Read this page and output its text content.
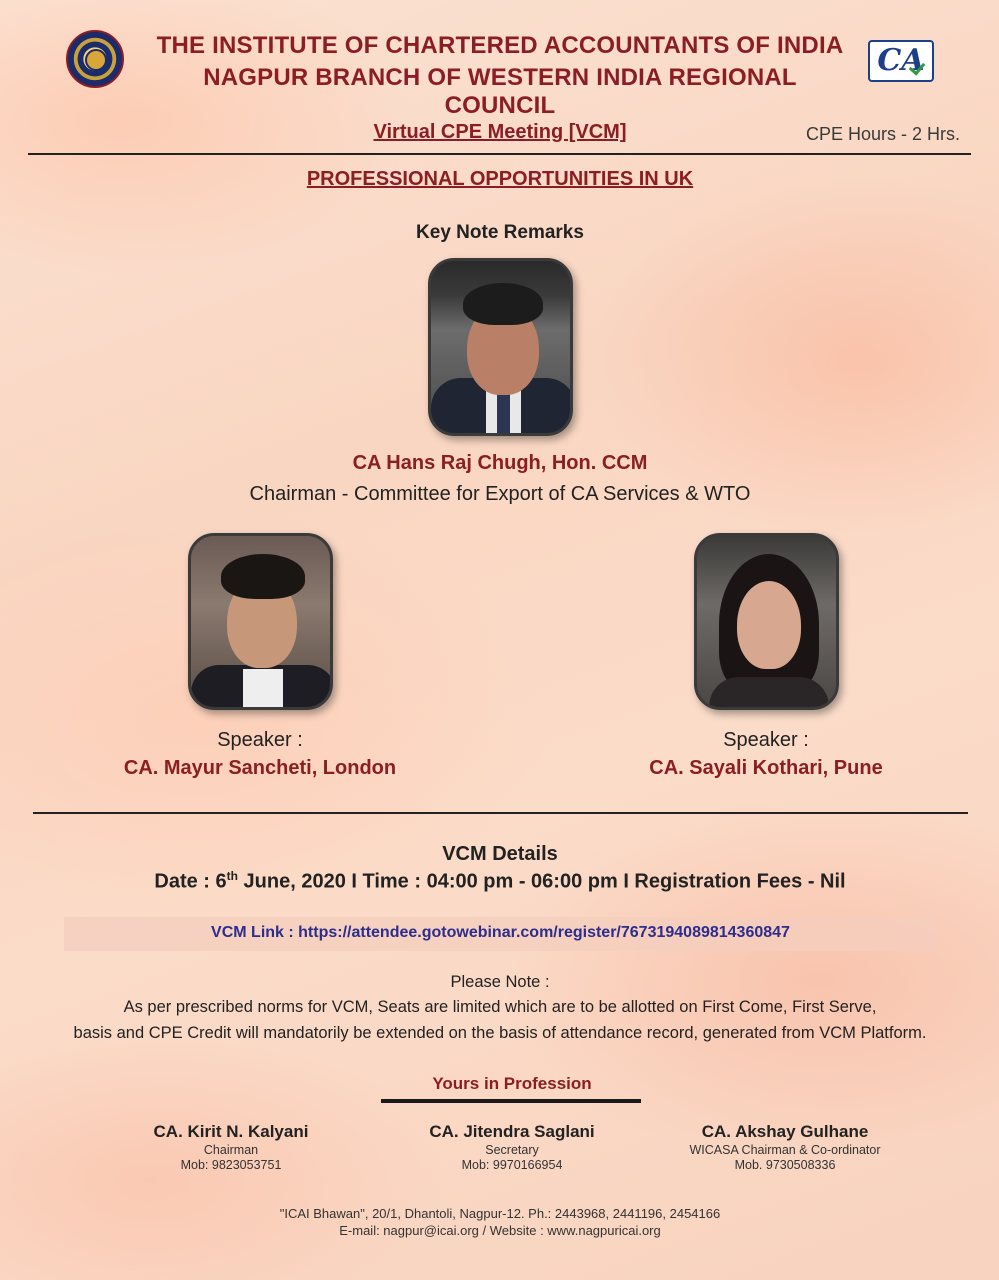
THE INSTITUTE OF CHARTERED ACCOUNTANTS OF INDIA
NAGPUR BRANCH OF WESTERN INDIA REGIONAL COUNCIL
CA
Virtual CPE Meeting [VCM]	CPE Hours - 2 Hrs.
PROFESSIONAL OPPORTUNITIES IN UK
Key Note Remarks
CA Hans Raj Chugh, Hon. CCM
Chairman - Committee for Export of CA Services & WTO
Speaker :
CA. Mayur Sancheti, London
Speaker :
CA. Sayali Kothari, Pune
VCM Details
Date : 6th June, 2020 I Time : 04:00 pm - 06:00 pm I Registration Fees - Nil
VCM Link : https://attendee.gotowebinar.com/register/7673194089814360847
Please Note :
As per prescribed norms for VCM, Seats are limited which are to be allotted on First Come, First Serve,
basis and CPE Credit will mandatorily be extended on the basis of attendance record, generated from VCM Platform.
Yours in Profession
CA. Kirit N. Kalyani
Chairman
Mob: 9823053751
CA. Jitendra Saglani
Secretary
Mob: 9970166954
CA. Akshay Gulhane
WICASA Chairman & Co-ordinator
Mob. 9730508336
"ICAI Bhawan", 20/1, Dhantoli, Nagpur-12. Ph.: 2443968, 2441196, 2454166
E-mail: nagpur@icai.org / Website : www.nagpuricai.org
